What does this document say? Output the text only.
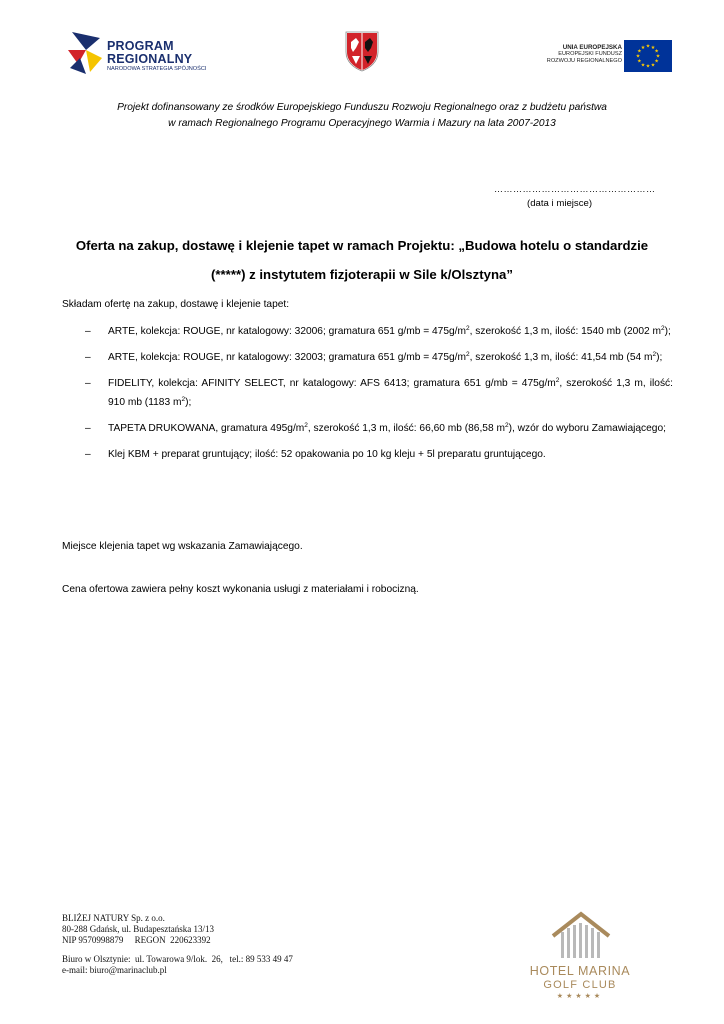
PROGRAM
REGIONALNY
NARODOWA STRATEGIA SPÓJNOŚCI
UNIA EUROPEJSKA
EUROPEJSKI FUNDUSZ
ROZWOJU REGIONALNEGO
★ ★
★
★
★
★
★
★
★
★
★
★
Projekt dofinansowany ze środków Europejskiego Funduszu Rozwoju Regionalnego oraz z budżetu państwa
w ramach Regionalnego Programu Operacyjnego Warmia i Mazury na lata 2007-2013
……………………………………………
(data i miejsce)
Oferta na zakup, dostawę i klejenie tapet w ramach Projektu: „Budowa hotelu o standardzie
(*****) z instytutem fizjoterapii w Sile k/Olsztyna”
Składam ofertę na zakup, dostawę i klejenie tapet:
– ARTE, kolekcja: ROUGE, nr katalogowy: 32006; gramatura 651 $g/mb = 475g/m^2$, szerokość 1,3 m, ilość: 1540 mb (2002 $m^2$);
– ARTE, kolekcja: ROUGE, nr katalogowy: 32003; gramatura 651 $g/mb = 475g/m^2$, szerokość 1,3 m, ilość: 41,54 mb (54 $m^2$);
– FIDELITY, kolekcja: AFINITY SELECT, nr katalogowy: AFS 6413; gramatura 651 $g/mb = 475g/m^2$, szerokość 1,3 m, ilość: 910 mb (1183 $m^2$);
– TAPETA DRUKOWANA, gramatura $495g/m^2$, szerokość 1,3 m, ilość: 66,60 mb (86,58 $m^2$), wzór do wyboru Zamawiającego;
– Klej KBM + preparat gruntujący; ilość: 52 opakowania po 10 kg kleju + 5l preparatu gruntującego.
Miejsce klejenia tapet wg wskazania Zamawiającego.
Cena ofertowa zawiera pełny koszt wykonania usługi z materiałami i robocizną.
BLIŻEJ NATURY Sp. z o.o.
80-288 Gdańsk, ul. Budapesztańska 13/13
NIP 9570998879     REGON  220623392
Biuro w Olsztynie:  ul. Towarowa 9/lok.  26,   tel.: 89 533 49 47
e-mail: biuro@marinaclub.pl	HOTEL MARINA
GOLF CLUB
★★★★★
